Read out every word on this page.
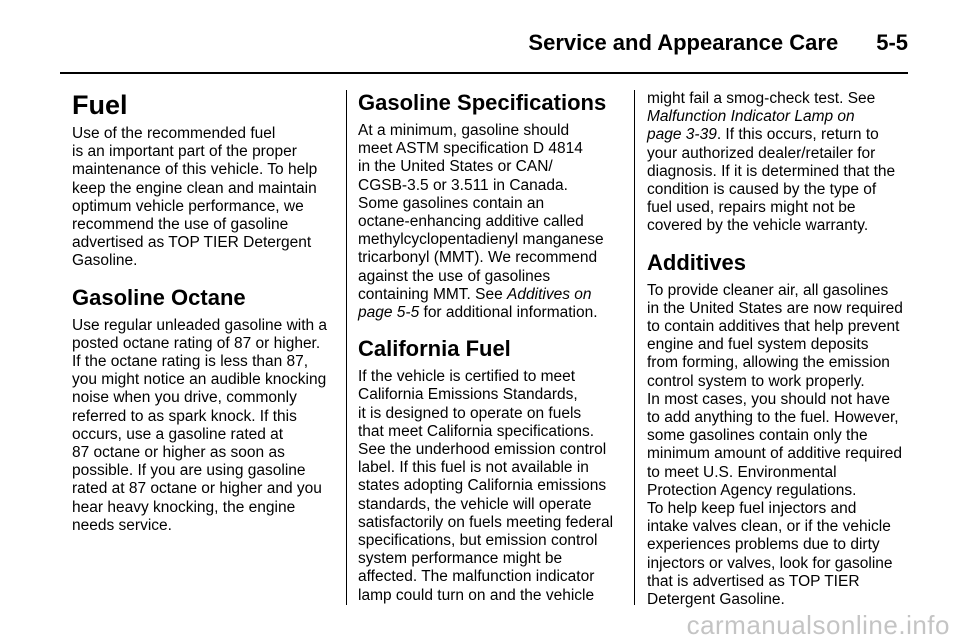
Service and Appearance Care 5-5
Fuel

Use of the recommended fuel
is an important part of the proper
maintenance of this vehicle. To help
keep the engine clean and maintain
optimum vehicle performance, we
recommend the use of gasoline
advertised as TOP TIER Detergent
Gasoline.

Gasoline Octane

Use regular unleaded gasoline with a
posted octane rating of 87 or higher.
If the octane rating is less than 87,
you might notice an audible knocking
noise when you drive, commonly
referred to as spark knock. If this
occurs, use a gasoline rated at
87 octane or higher as soon as
possible. If you are using gasoline
rated at 87 octane or higher and you
hear heavy knocking, the engine
needs service.

Gasoline Specifications

At a minimum, gasoline should
meet ASTM specification D 4814
in the United States or CAN/
CGSB-3.5 or 3.511 in Canada.
Some gasolines contain an
octane-enhancing additive called
methylcyclopentadienyl manganese
tricarbonyl (MMT). We recommend
against the use of gasolines
containing MMT. See Additives on
page 5-5 for additional information.

California Fuel

If the vehicle is certified to meet
California Emissions Standards,
it is designed to operate on fuels
that meet California specifications.
See the underhood emission control
label. If this fuel is not available in
states adopting California emissions
standards, the vehicle will operate
satisfactorily on fuels meeting federal
specifications, but emission control
system performance might be
affected. The malfunction indicator
lamp could turn on and the vehicle

might fail a smog-check test. See
Malfunction Indicator Lamp on
page 3-39. If this occurs, return to
your authorized dealer/retailer for
diagnosis. If it is determined that the
condition is caused by the type of
fuel used, repairs might not be
covered by the vehicle warranty.

Additives

To provide cleaner air, all gasolines
in the United States are now required
to contain additives that help prevent
engine and fuel system deposits
from forming, allowing the emission
control system to work properly.

In most cases, you should not have
to add anything to the fuel. However,
some gasolines contain only the
minimum amount of additive required
to meet U.S. Environmental
Protection Agency regulations.

To help keep fuel injectors and
intake valves clean, or if the vehicle
experiences problems due to dirty
injectors or valves, look for gasoline
that is advertised as TOP TIER
Detergent Gasoline.

carmanualsonline.info
